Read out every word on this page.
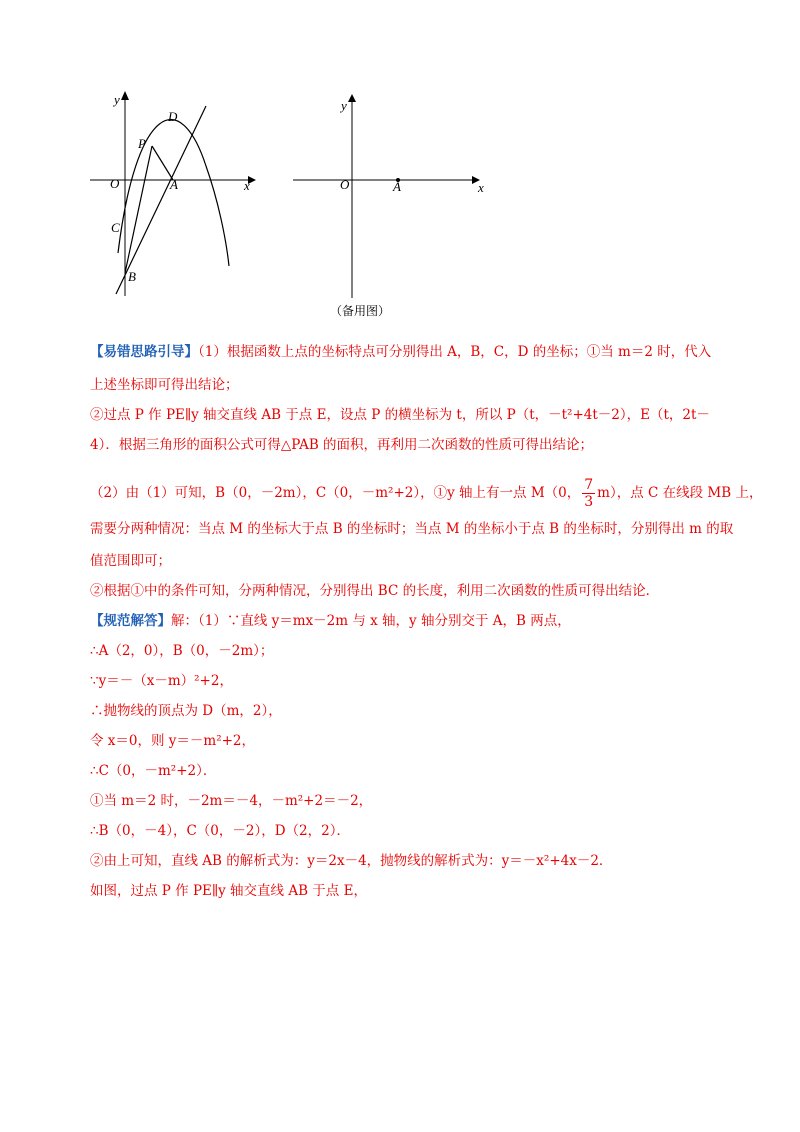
y
x
O
P
D
A
C
B
y
x
O	A
（备用图）
【易错思路引导】（1）根据函数上点的坐标特点可分别得出 A，B，C，D 的坐标；①当 m＝2 时，代入
上述坐标即可得出结论；
②过点 P 作 PE∥y 轴交直线 AB 于点 E，设点 P 的横坐标为 t，所以 P（t，－t²+4t－2），E（t，2t－
4）．根据三角形的面积公式可得△PAB 的面积，再利用二次函数的性质可得出结论；
（2）由（1）可知，B（0，－2m），C（0，－m²+2），①y 轴上有一点 M（0， $\frac{7}{3} m$），点 C 在线段 MB 上，
需要分两种情况：当点 M 的坐标大于点 B 的坐标时；当点 M 的坐标小于点 B 的坐标时，分别得出 m 的取
值范围即可；
②根据①中的条件可知，分两种情况，分别得出 BC 的长度，利用二次函数的性质可得出结论．
【规范解答】解：（1）∵直线 y＝mx－2m 与 x 轴，y 轴分别交于 A，B 两点，
∴A（2，0），B（0，－2m）；
∵y＝－（x－m）²+2，
∴抛物线的顶点为 D（m，2），
令 x＝0，则 y＝－m²+2，
∴C（0，－m²+2）．
①当 m＝2 时，－2m＝－4，－m²+2＝－2，
∴B（0，－4），C（0，－2），D（2，2）．
②由上可知，直线 AB 的解析式为：y＝2x－4，抛物线的解析式为：y＝－x²+4x－2．
如图，过点 P 作 PE∥y 轴交直线 AB 于点 E，
